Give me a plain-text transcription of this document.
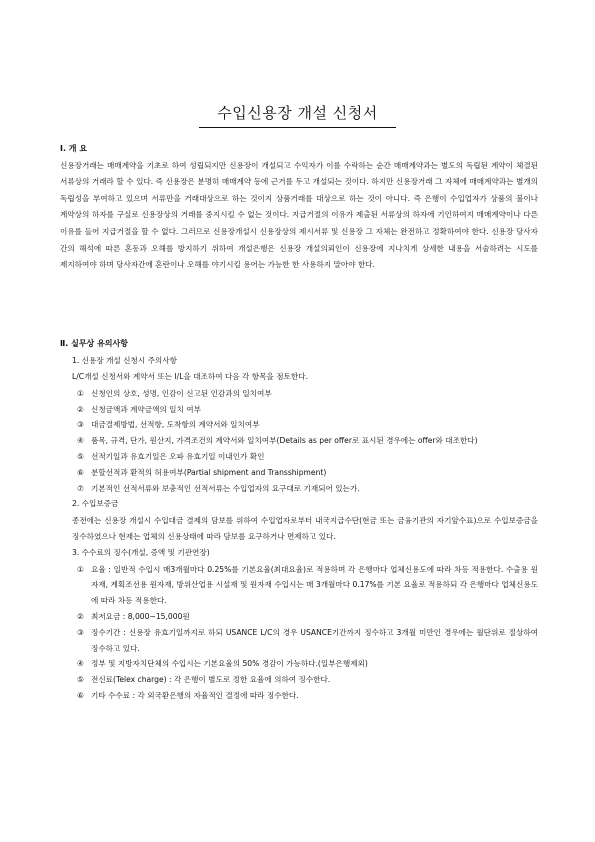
수입신용장 개설 신청서
Ⅰ. 개 요
신용장거래는 매매계약을 기초로 하여 성립되지만 신용장이 개설되고 수익자가 이를 수락하는 순간 매매계약과는 별도의 독립된 계약이 체결된 서류상의 거래라 할 수 있다. 즉 신용장은 분명히 매매계약 등에 근거를 두고 개설되는 것이다. 하지만 신용장거래 그 자체에 매매계약과는 별개의 독립성을 부여하고 있으며 서류만을 거래대상으로 하는 것이지 상품거래를 대상으로 하는 것이 아니다. 즉 은행이 수입업자가 상품의 불이나 계약상의 하자를 구실로 신용장상의 거래를 중지시킬 수 없는 것이다. 지급거절의 이유가 제출된 서류상의 하자에 기인하여지 매매계약이나 다른 이유를 들어 지급거절을 할 수 없다. 그러므로 신용장개설시 신용장상의 제시서류 및 신용장 그 자체는 완전하고 정확하여야 한다. 신용장 당사자 간의 해석에 따른 혼동과 오해를 방지하기 위하여 개설은행은 신용장 개설의뢰인이 신용장에 지나치게 상세한 내용을 서술하려는 시도를 제지하여야 하며 당사자간에 혼란이나 오해를 야기시킬 용어는 가능한 한 사용하지 말아야 한다.
Ⅱ. 실무상 유의사항
1. 신용장 개설 신청시 주의사항
L/C개설 신청서와 계약서 또는 I/L을 대조하여 다음 각 항목을 점토한다.
① 신청인의 상호, 성명, 인감이 신고된 인감과의 일치여부
② 신청금액과 계약금액의 일치 여부
③ 대금결제방법, 선적항, 도착항의 계약서와 일치여부
④ 품목, 규격, 단가, 원산지, 가격조건의 계약서와 일치여부(Details as per offer로 표시된 경우에는 offer와 대조한다)
⑤ 선적기일과 유효기일은 오파 유효기일 이내인가 확인
⑥ 분할선적과 환적의 허용여부(Partial shipment and Transshipment)
⑦ 기본적인 선적서류와 보충적인 선적서류는 수입업자의 요구대로 기재되어 있는가.
2. 수입보증금
종전에는 신용장 개설시 수입대금 결제의 담보를 위하여 수입업자로부터 내국지급수단(현금 또는 금융기관의 자기앞수표)으로 수입보증금을 징수하였으나 현재는 업체의 신용상태에 따라 담보를 요구하거나 면제하고 있다.
3. 수수료의 징수(개설, 증액 및 기관연장)
① 요율 : 일반적 수입시 매3개월마다 0.25%를 기본요율(최대요율)로 적용하며 각 은행마다 업체신용도에 따라 차등 적용한다. 수출용 원자재, 계획조선용 원자재, 방위산업용 시설재 및 원자재 수입시는 매 3개월마다 0.17%를 기본 요율로 적용하되 각 은행마다 업체신용도에 따라 차등 적용한다.
② 최저요금 : 8,000~15,000원
③ 징수기간 : 신용장 유효기일까지로 하되 USANCE L/C의 경우 USANCE기간까지 징수하고 3개월 미만인 경우에는 월단위로 절상하여 징수하고 있다.
④ 정부 및 지방자치단체의 수입시는 기본요율의 50% 경감이 가능하다.(일부은행제외)
⑤ 전신료(Telex charge) : 각 은행이 별도로 정한 요율에 의하여 징수한다.
⑥ 기타 수수료 : 각 외국환은행의 자율적인 결정에 따라 징수한다.
